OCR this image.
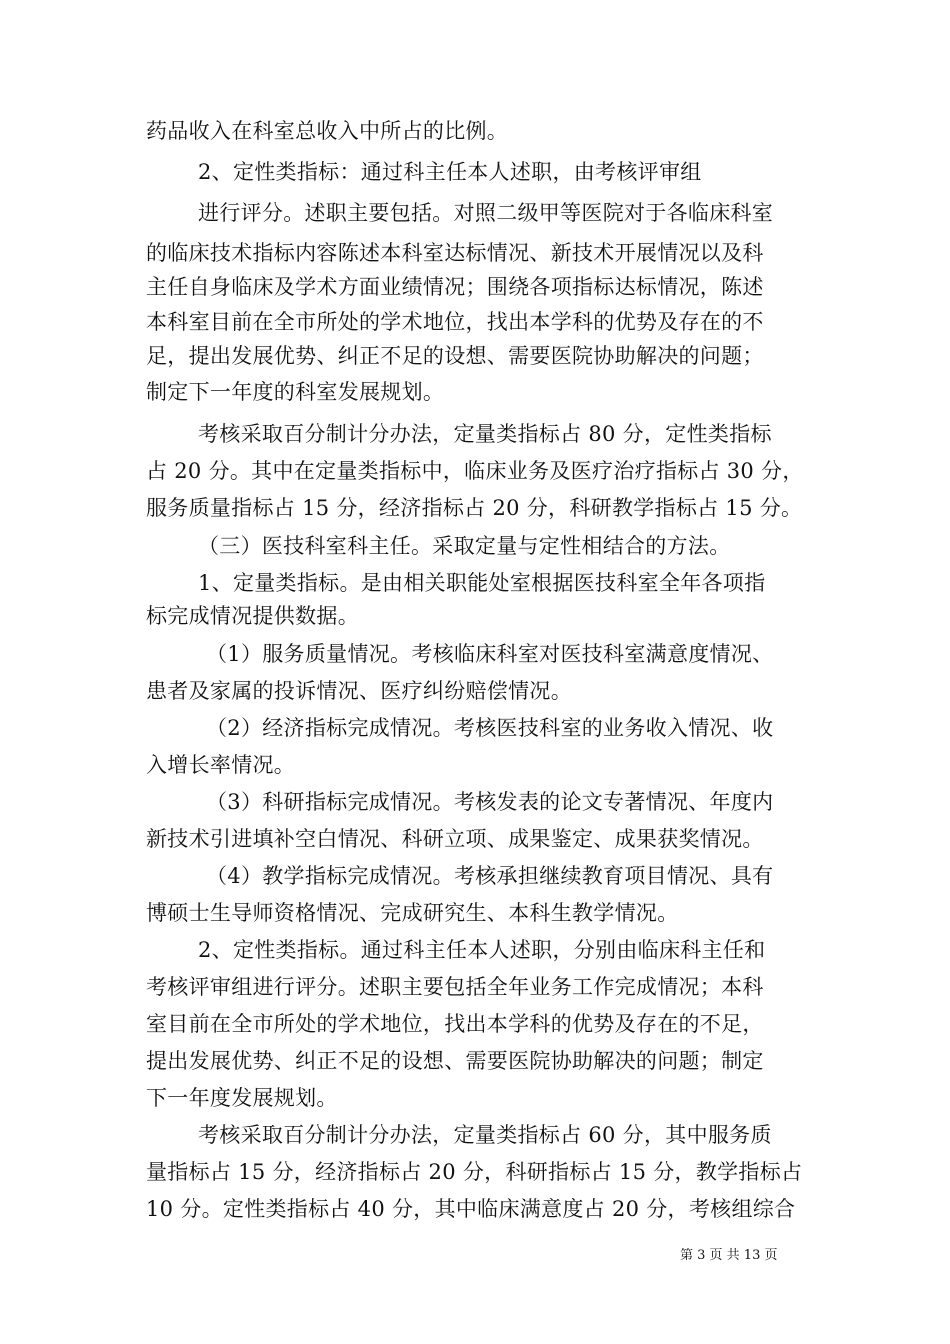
药品收入在科室总收入中所占的比例。
2、定性类指标：通过科主任本人述职，由考核评审组
进行评分。述职主要包括。对照二级甲等医院对于各临床科室
的临床技术指标内容陈述本科室达标情况、新技术开展情况以及科
主任自身临床及学术方面业绩情况；围绕各项指标达标情况，陈述
本科室目前在全市所处的学术地位，找出本学科的优势及存在的不
足，提出发展优势、纠正不足的设想、需要医院协助解决的问题；
制定下一年度的科室发展规划。
考核采取百分制计分办法，定量类指标占 80 分，定性类指标
占 20 分。其中在定量类指标中，临床业务及医疗治疗指标占 30 分，
服务质量指标占 15 分，经济指标占 20 分，科研教学指标占 15 分。
（三）医技科室科主任。采取定量与定性相结合的方法。
1、定量类指标。是由相关职能处室根据医技科室全年各项指
标完成情况提供数据。
（1）服务质量情况。考核临床科室对医技科室满意度情况、
患者及家属的投诉情况、医疗纠纷赔偿情况。
（2）经济指标完成情况。考核医技科室的业务收入情况、收
入增长率情况。
（3）科研指标完成情况。考核发表的论文专著情况、年度内
新技术引进填补空白情况、科研立项、成果鉴定、成果获奖情况。
（4）教学指标完成情况。考核承担继续教育项目情况、具有
博硕士生导师资格情况、完成研究生、本科生教学情况。
2、定性类指标。通过科主任本人述职，分别由临床科主任和
考核评审组进行评分。述职主要包括全年业务工作完成情况；本科
室目前在全市所处的学术地位，找出本学科的优势及存在的不足，
提出发展优势、纠正不足的设想、需要医院协助解决的问题；制定
下一年度发展规划。
考核采取百分制计分办法，定量类指标占 60 分，其中服务质
量指标占 15 分，经济指标占 20 分，科研指标占 15 分，教学指标占
10 分。定性类指标占 40 分，其中临床满意度占 20 分，考核组综合
第 3 页 共 13 页
